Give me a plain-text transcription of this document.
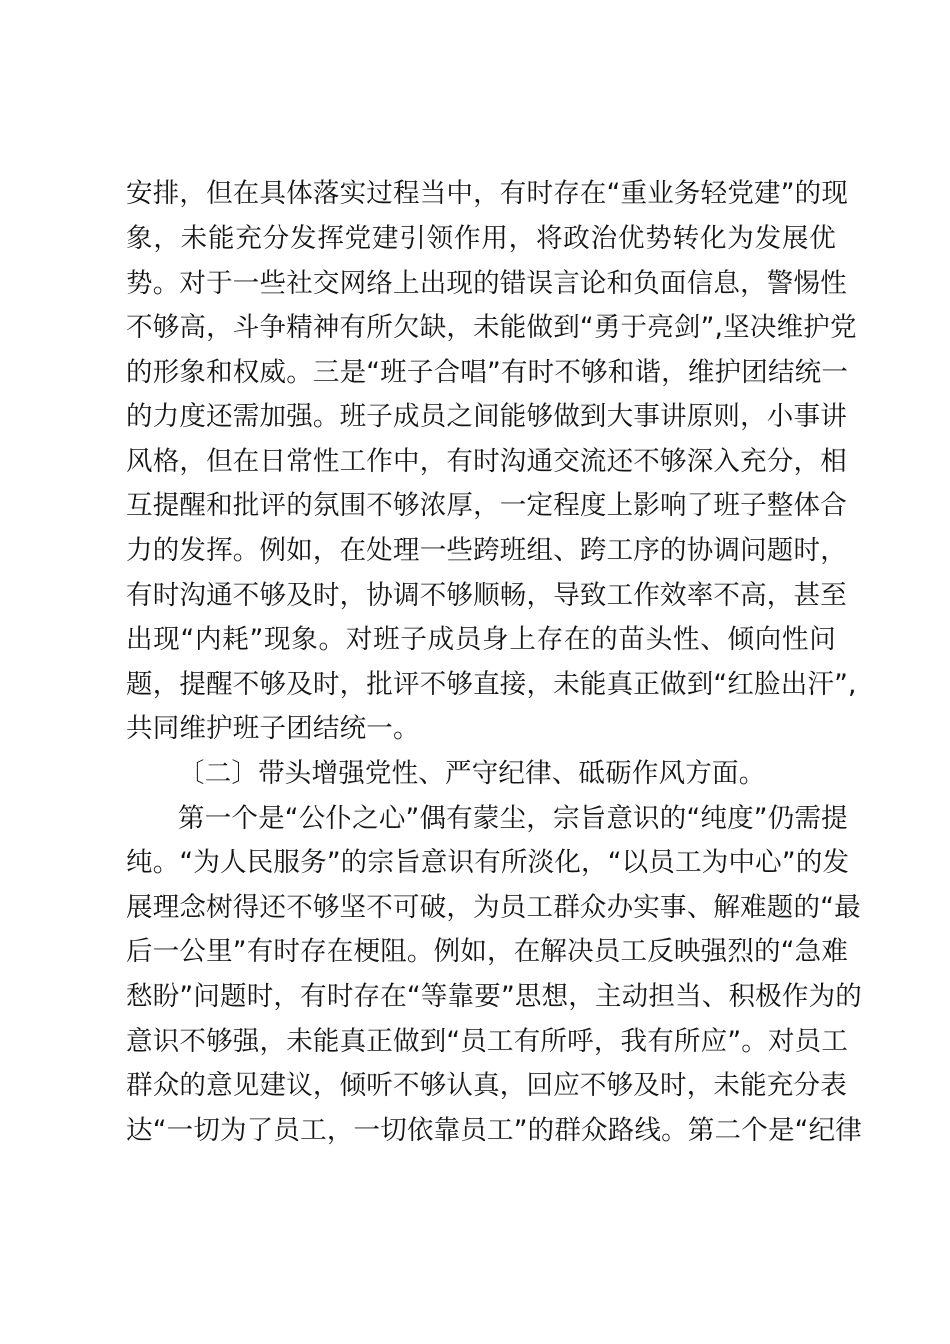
安排，但在具体落实过程当中，有时存在“重业务轻党建”的现
象，未能充分发挥党建引领作用，将政治优势转化为发展优
势。对于一些社交网络上出现的错误言论和负面信息，警惕性
不够高，斗争精神有所欠缺，未能做到“勇于亮剑”,坚决维护党
的形象和权威。三是“班子合唱”有时不够和谐，维护团结统一
的力度还需加强。班子成员之间能够做到大事讲原则，小事讲
风格，但在日常性工作中，有时沟通交流还不够深入充分，相
互提醒和批评的氛围不够浓厚，一定程度上影响了班子整体合
力的发挥。例如，在处理一些跨班组、跨工序的协调问题时，
有时沟通不够及时，协调不够顺畅，导致工作效率不高，甚至
出现“内耗”现象。对班子成员身上存在的苗头性、倾向性问
题，提醒不够及时，批评不够直接，未能真正做到“红脸出汗”,
共同维护班子团结统一。
〔二〕带头增强党性、严守纪律、砥砺作风方面。
第一个是“公仆之心”偶有蒙尘，宗旨意识的“纯度”仍需提
纯。“为人民服务”的宗旨意识有所淡化，“以员工为中心”的发
展理念树得还不够坚不可破，为员工群众办实事、解难题的“最
后一公里”有时存在梗阻。例如，在解决员工反映强烈的“急难
愁盼”问题时，有时存在“等靠要”思想，主动担当、积极作为的
意识不够强，未能真正做到“员工有所呼，我有所应”。对员工
群众的意见建议，倾听不够认真，回应不够及时，未能充分表
达“一切为了员工，一切依靠员工”的群众路线。第二个是“纪律
